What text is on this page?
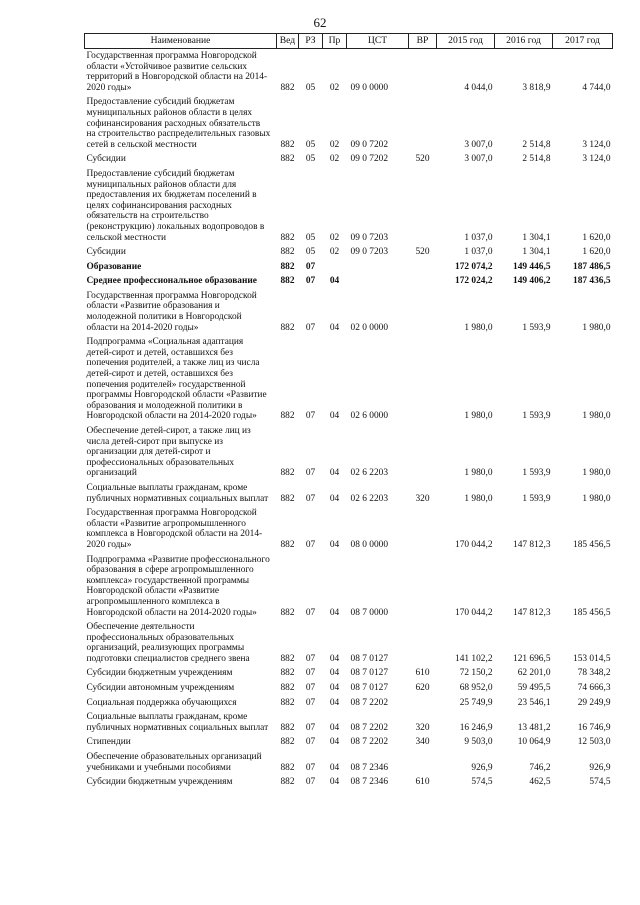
62
Наименование	Вед	РЗ	Пр	ЦСТ	ВР	2015 год	2016 год	2017 год
Государственная программа Новгородской области «Устойчивое развитие сельских территорий в Новгородской области на 2014-2020 годы»	882	05	02	09 0 0000		4 044,0	3 818,9	4 744,0
Предоставление субсидий бюджетам муниципальных районов области в целях софинансирования расходных обязательств на строительство распределительных газовых сетей в сельской местности	882	05	02	09 0 7202		3 007,0	2 514,8	3 124,0
Субсидии	882	05	02	09 0 7202	520	3 007,0	2 514,8	3 124,0
Предоставление субсидий бюджетам муниципальных районов области для предоставления их бюджетам поселений в целях софинансирования расходных обязательств на строительство (реконструкцию) локальных водопроводов в сельской местности	882	05	02	09 0 7203		1 037,0	1 304,1	1 620,0
Субсидии	882	05	02	09 0 7203	520	1 037,0	1 304,1	1 620,0
Образование	882	07				172 074,2	149 446,5	187 486,5
Среднее профессиональное образование	882	07	04			172 024,2	149 406,2	187 436,5
Государственная программа Новгородской области «Развитие образования и молодежной политики в Новгородской области на 2014-2020 годы»	882	07	04	02 0 0000		1 980,0	1 593,9	1 980,0
Подпрограмма «Социальная адаптация детей-сирот и детей, оставшихся без попечения родителей, а также лиц из числа детей-сирот и детей, оставшихся без попечения родителей» государственной программы Новгородской области «Развитие образования и молодежной политики в Новгородской области на 2014-2020 годы»	882	07	04	02 6 0000		1 980,0	1 593,9	1 980,0
Обеспечение детей-сирот, а также лиц из числа детей-сирот при выпуске из организации для детей-сирот и профессиональных образовательных организаций	882	07	04	02 6 2203		1 980,0	1 593,9	1 980,0
Социальные выплаты гражданам, кроме публичных нормативных социальных выплат	882	07	04	02 6 2203	320	1 980,0	1 593,9	1 980,0
Государственная программа Новгородской области «Развитие агропромышленного комплекса в Новгородской области на 2014-2020 годы»	882	07	04	08 0 0000		170 044,2	147 812,3	185 456,5
Подпрограмма «Развитие профессионального образования в сфере агропромышленного комплекса» государственной программы Новгородской области «Развитие агропромышленного комплекса в Новгородской области на 2014-2020 годы»	882	07	04	08 7 0000		170 044,2	147 812,3	185 456,5
Обеспечение деятельности профессиональных образовательных организаций, реализующих программы подготовки специалистов среднего звена	882	07	04	08 7 0127		141 102,2	121 696,5	153 014,5
Субсидии бюджетным учреждениям	882	07	04	08 7 0127	610	72 150,2	62 201,0	78 348,2
Субсидии автономным учреждениям	882	07	04	08 7 0127	620	68 952,0	59 495,5	74 666,3
Социальная поддержка обучающихся	882	07	04	08 7 2202		25 749,9	23 546,1	29 249,9
Социальные выплаты гражданам, кроме публичных нормативных социальных выплат	882	07	04	08 7 2202	320	16 246,9	13 481,2	16 746,9
Стипендии	882	07	04	08 7 2202	340	9 503,0	10 064,9	12 503,0
Обеспечение образовательных организаций учебниками и учебными пособиями	882	07	04	08 7 2346		926,9	746,2	926,9
Субсидии бюджетным учреждениям	882	07	04	08 7 2346	610	574,5	462,5	574,5
